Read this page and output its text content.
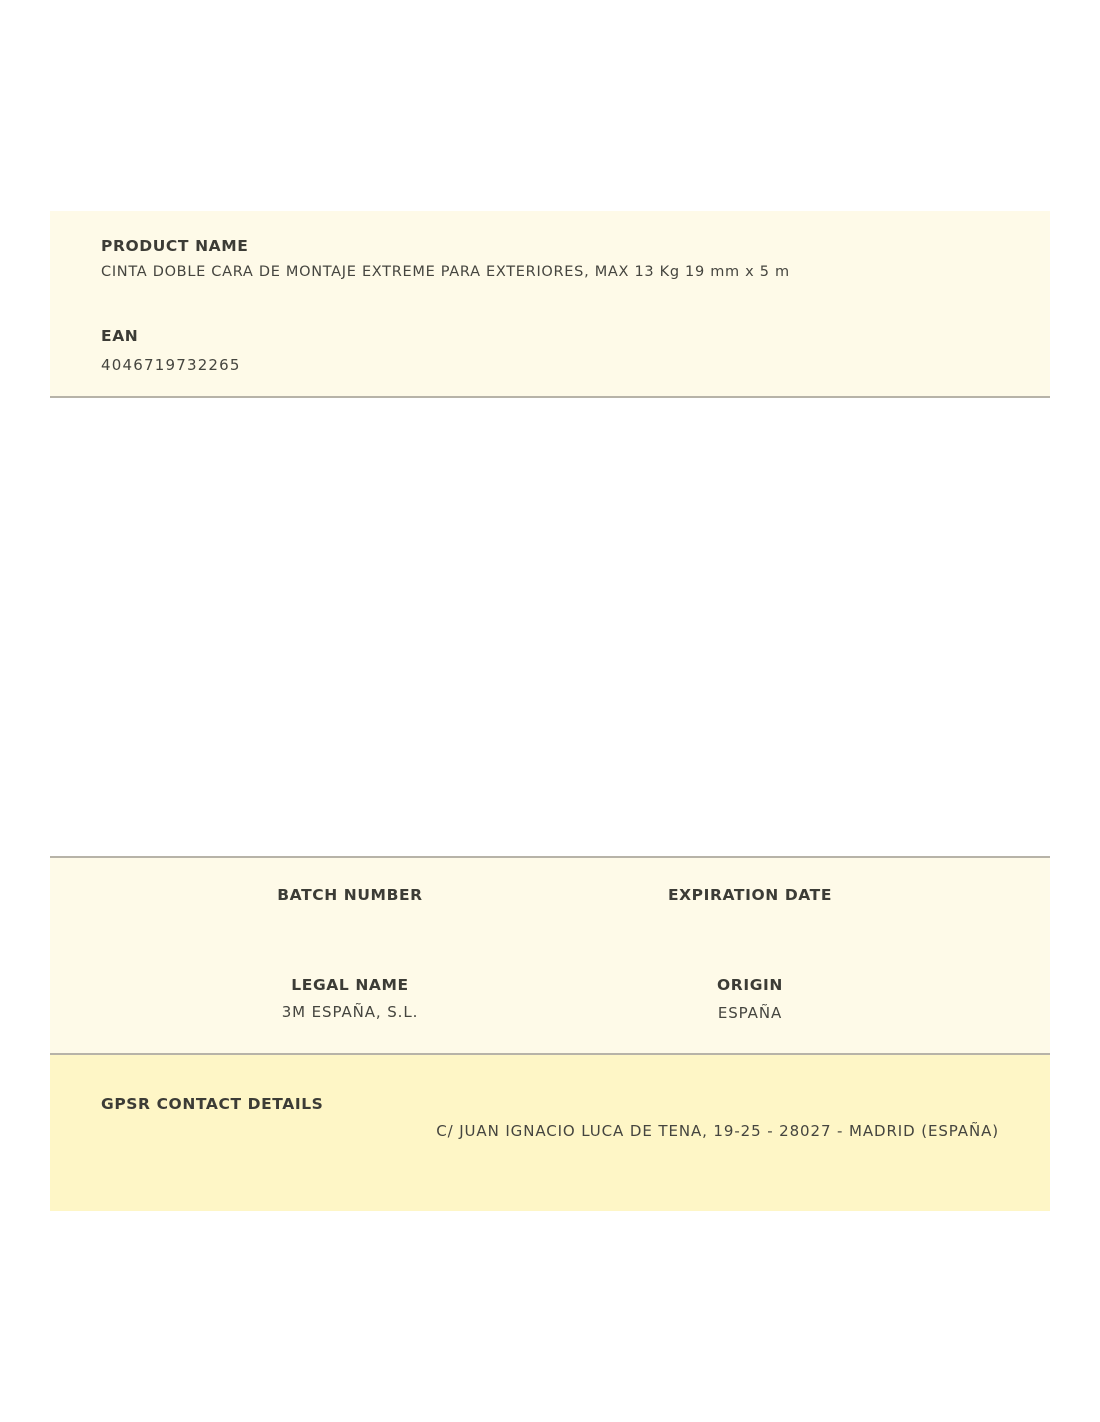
PRODUCT NAME

CINTA DOBLE CARA DE MONTAJE EXTREME PARA EXTERIORES, MAX 13 Kg 19 mm x 5 m

EAN

4046719732265

BATCH NUMBER	EXPIRATION DATE
LEGAL NAME
3M ESPAÑA, S.L.
ORIGIN
ESPAÑA

GPSR CONTACT DETAILS

C/ JUAN IGNACIO LUCA DE TENA, 19-25 - 28027 - MADRID (ESPAÑA)
